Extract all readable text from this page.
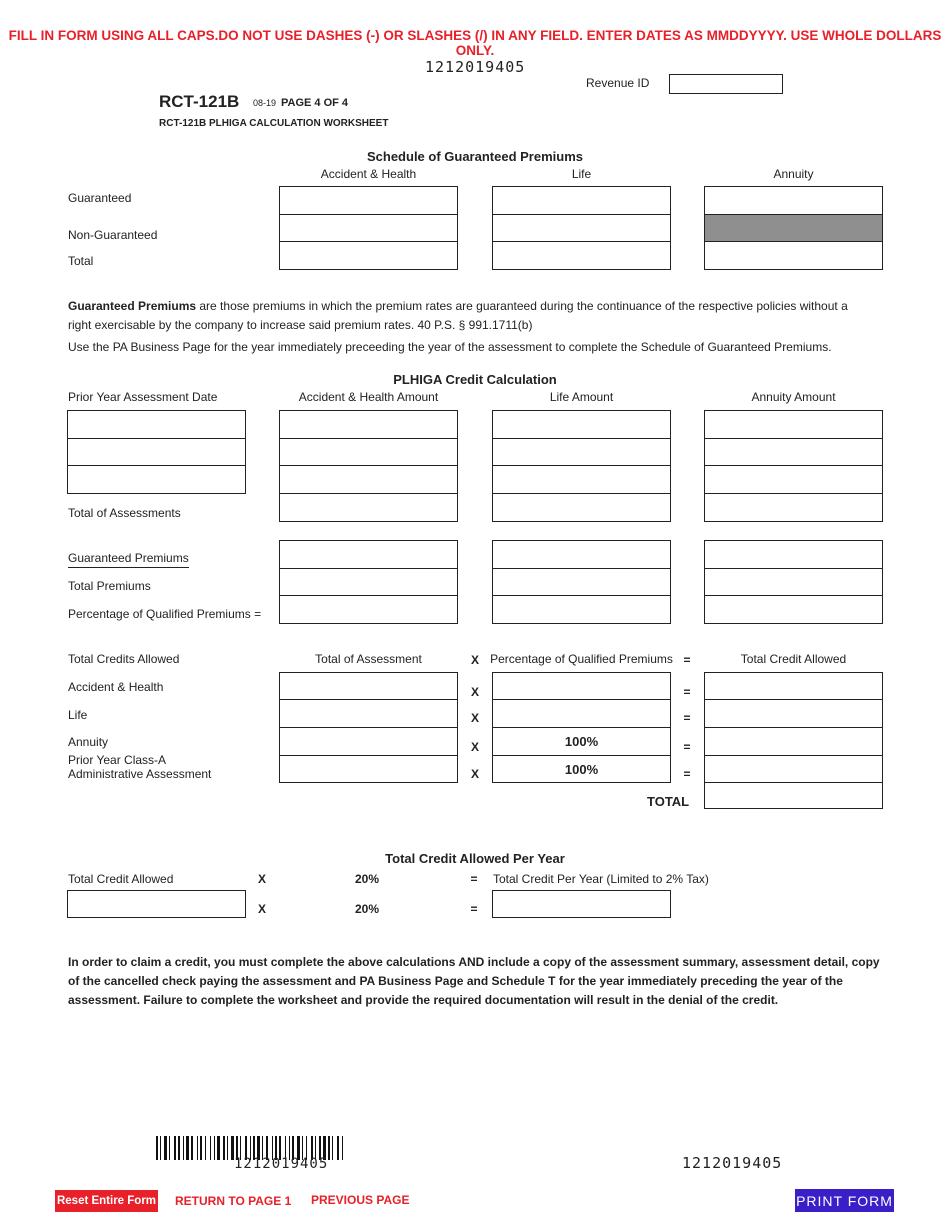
FILL IN FORM USING ALL CAPS.DO NOT USE DASHES (-) OR SLASHES (/) IN ANY FIELD. ENTER DATES AS MMDDYYYY. USE WHOLE DOLLARS ONLY.
1212019405
Revenue ID
RCT-121B 08-19 PAGE 4 OF 4
RCT-121B PLHIGA CALCULATION WORKSHEET
Schedule of Guaranteed Premiums
Accident & Health	Life	Annuity
Guaranteed
Non-Guaranteed
Total
Guaranteed Premiums are those premiums in which the premium rates are guaranteed during the continuance of the respective policies without a
right exercisable by the company to increase said premium rates. 40 P.S. § 991.1711(b)
Use the PA Business Page for the year immediately preceeding the year of the assessment to complete the Schedule of Guaranteed Premiums.
PLHIGA Credit Calculation
Prior Year Assessment Date	Accident & Health Amount	Life Amount	Annuity Amount
Total of Assessments
Guaranteed Premiums
Total Premiums
Percentage of Qualified Premiums =
Total Credits Allowed	Total of Assessment	X Percentage of Qualified Premiums =	Total Credit Allowed
Accident & Health
Life
Annuity
Prior Year Class-A
Administrative Assessment
X	=
X	=
X	100%	=
X	100%	=
TOTAL
Total Credit Allowed Per Year
Total Credit Allowed	X	20%	= Total Credit Per Year (Limited to 2% Tax)
X	20%	=
In order to claim a credit, you must complete the above calculations AND include a copy of the assessment summary, assessment detail, copy of the cancelled check paying the assessment and PA Business Page and Schedule T for the year immediately preceding the year of the assessment. Failure to complete the worksheet and provide the required documentation will result in the denial of the credit.
1212019405	1212019405
Reset Entire Form RETURN TO PAGE 1 PREVIOUS PAGE	PRINT FORM
